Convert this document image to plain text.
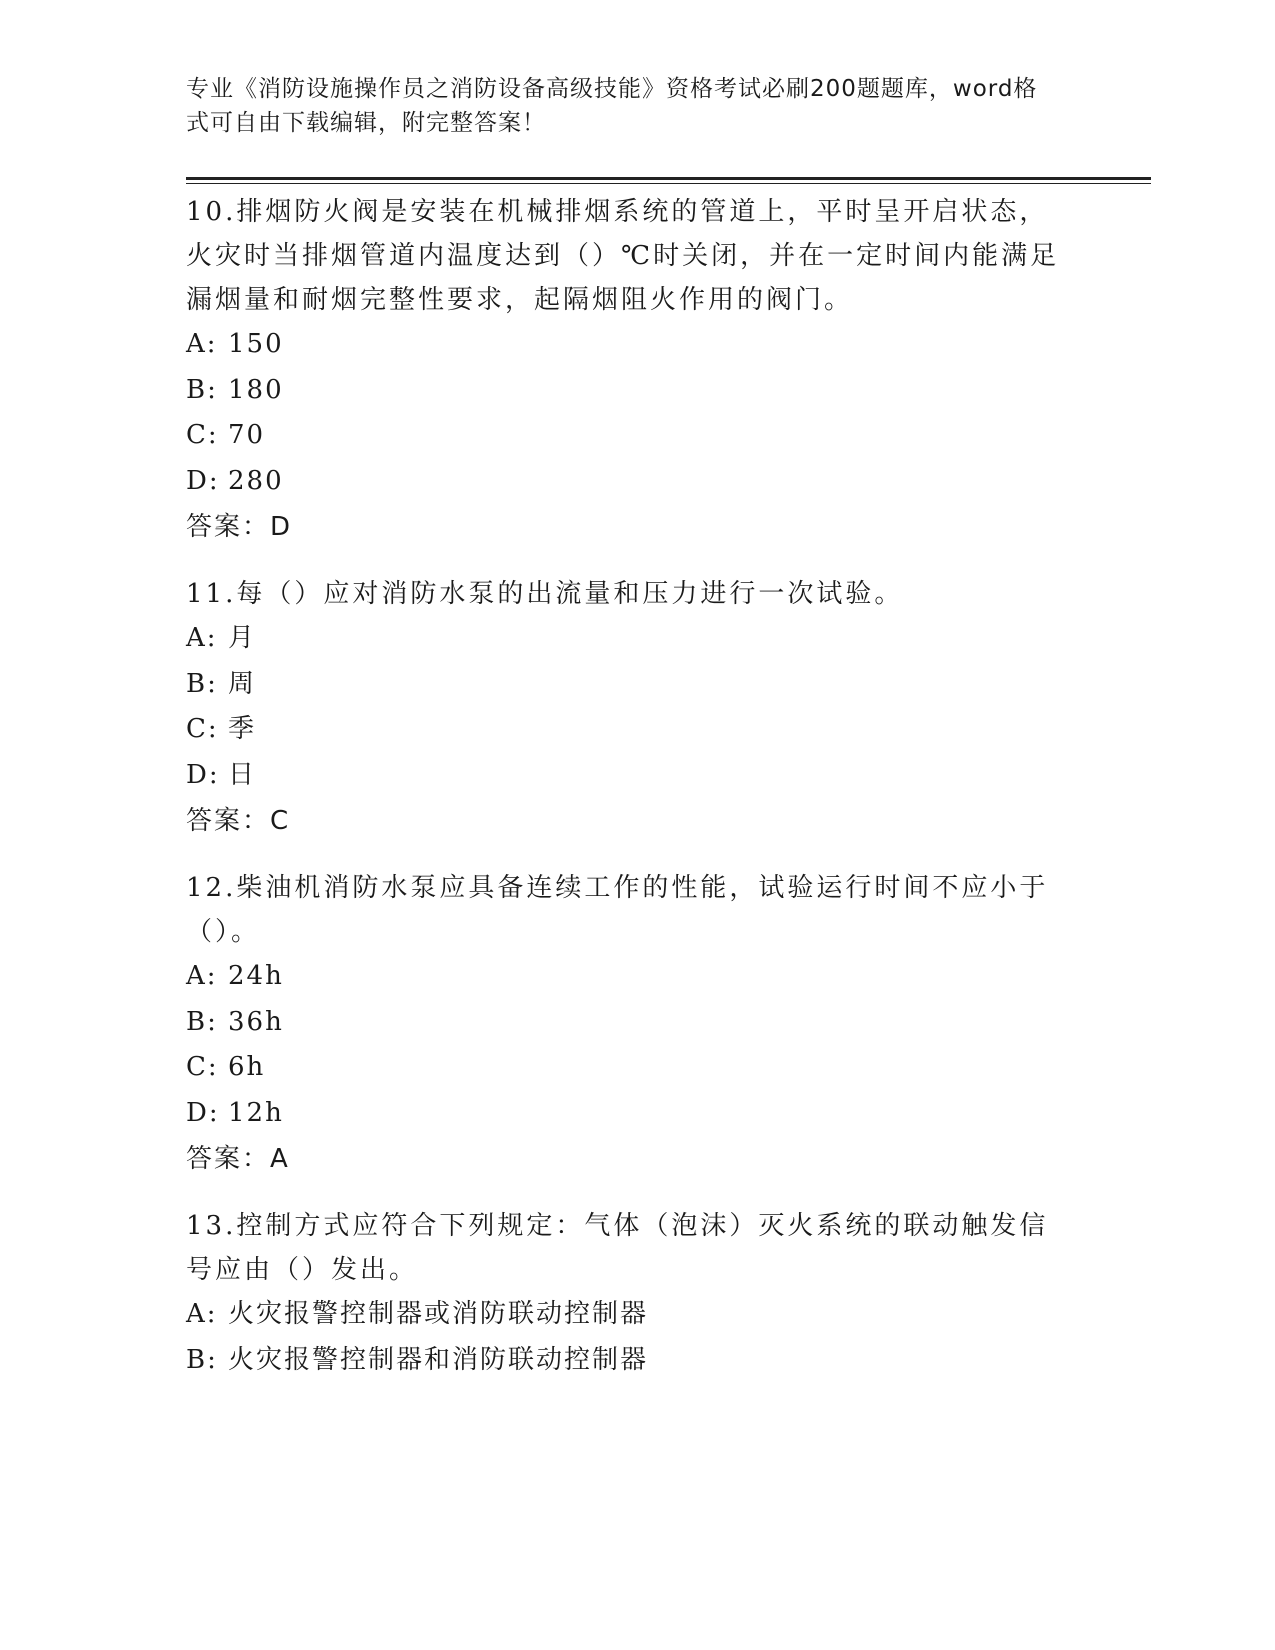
专业《消防设施操作员之消防设备高级技能》资格考试必刷200题题库，word格
式可自由下载编辑，附完整答案！
10.排烟防火阀是安装在机械排烟系统的管道上，平时呈开启状态，火灾时当排烟管道内温度达到（）℃时关闭，并在一定时间内能满足漏烟量和耐烟完整性要求，起隔烟阻火作用的阀门。
A: 150
B: 180
C: 70
D: 280
答案：D
11.每（）应对消防水泵的出流量和压力进行一次试验。
A: 月
B: 周
C: 季
D: 日
答案：C
12.柴油机消防水泵应具备连续工作的性能，试验运行时间不应小于（）。
A: 24h
B: 36h
C: 6h
D: 12h
答案：A
13.控制方式应符合下列规定：气体（泡沫）灭火系统的联动触发信号应由（）发出。
A: 火灾报警控制器或消防联动控制器
B: 火灾报警控制器和消防联动控制器
